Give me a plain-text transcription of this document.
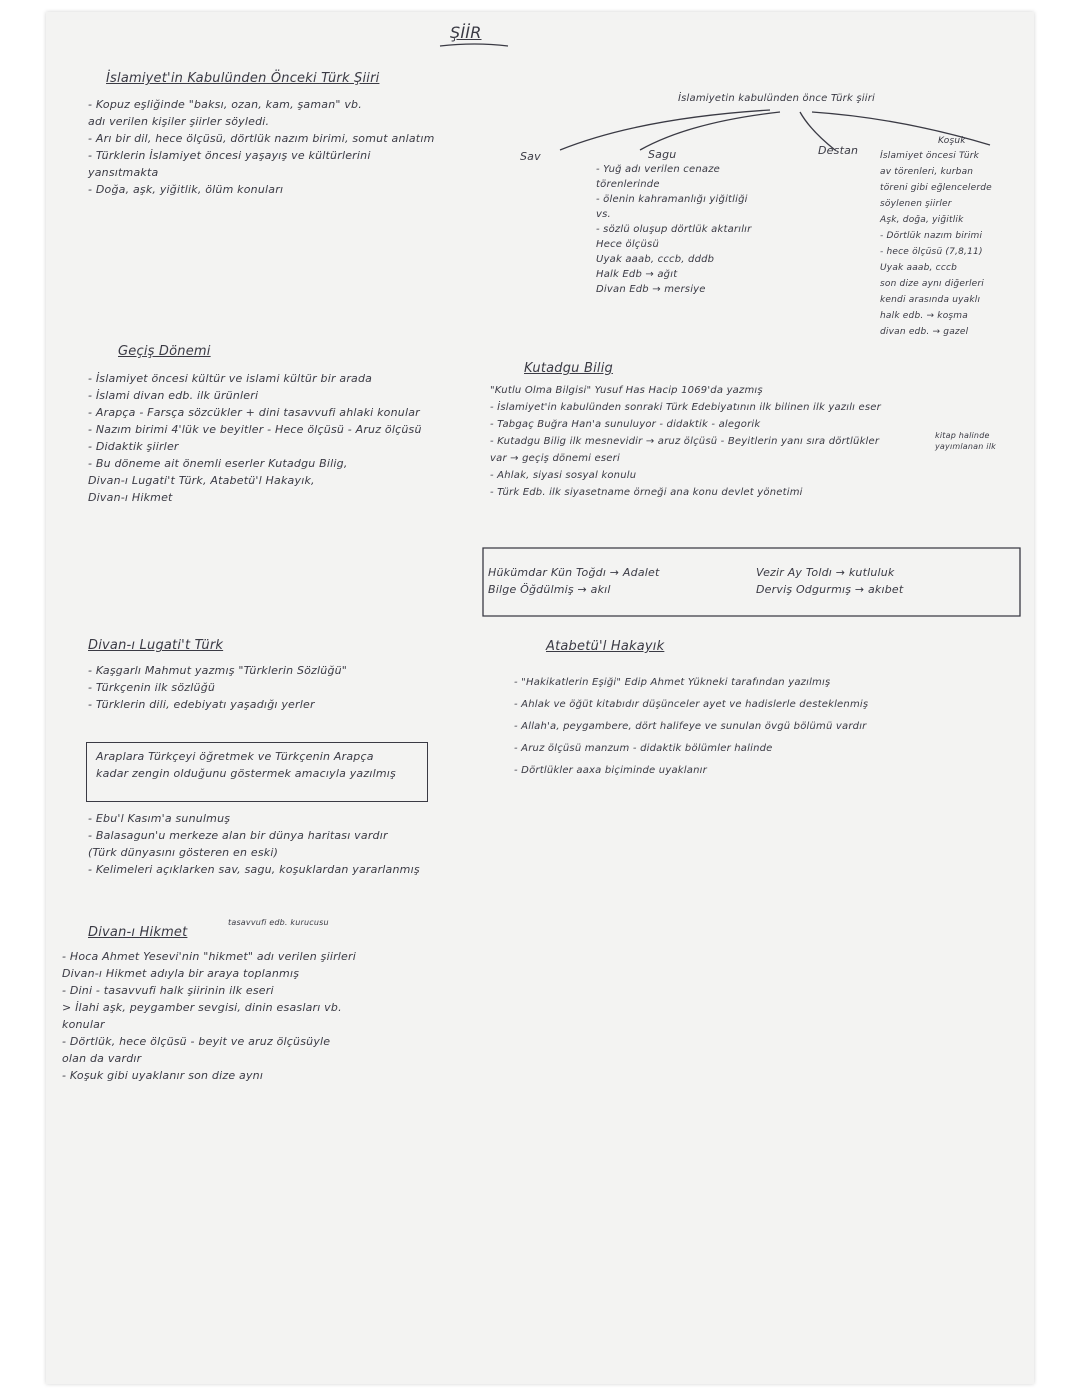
ŞİİR
İslamiyet'in Kabulünden Önceki Türk Şiiri
- Kopuz eşliğinde "baksı, ozan, kam, şaman" vb.
adı verilen kişiler şiirler söyledi.
- Arı bir dil, hece ölçüsü, dörtlük nazım birimi, somut anlatım
- Türklerin İslamiyet öncesi yaşayış ve kültürlerini
yansıtmakta
- Doğa, aşk, yiğitlik, ölüm konuları
Geçiş Dönemi
- İslamiyet öncesi kültür ve islami kültür bir arada
- İslami divan edb. ilk ürünleri
- Arapça - Farsça sözcükler + dini tasavvufi ahlaki konular
- Nazım birimi 4'lük ve beyitler - Hece ölçüsü - Aruz ölçüsü
- Didaktik şiirler
- Bu döneme ait önemli eserler Kutadgu Bilig,
Divan-ı Lugati't Türk, Atabetü'l Hakayık,
Divan-ı Hikmet
Divan-ı Lugati't Türk
- Kaşgarlı Mahmut yazmış "Türklerin Sözlüğü"
- Türkçenin ilk sözlüğü
- Türklerin dili, edebiyatı yaşadığı yerler
Araplara Türkçeyi öğretmek ve Türkçenin Arapça
kadar zengin olduğunu göstermek amacıyla yazılmış
- Ebu'l Kasım'a sunulmuş
- Balasagun'u merkeze alan bir dünya haritası vardır
(Türk dünyasını gösteren en eski)
- Kelimeleri açıklarken sav, sagu, koşuklardan yararlanmış
Divan-ı Hikmet
tasavvufi edb. kurucusu
- Hoca Ahmet Yesevi'nin "hikmet" adı verilen şiirleri
Divan-ı Hikmet adıyla bir araya toplanmış
- Dini - tasavvufi halk şiirinin ilk eseri
> İlahi aşk, peygamber sevgisi, dinin esasları vb.
konular
- Dörtlük, hece ölçüsü - beyit ve aruz ölçüsüyle
olan da vardır
- Koşuk gibi uyaklanır son dize aynı
İslamiyetin kabulünden önce Türk şiiri
Sav	Sagu
- Yuğ adı verilen cenaze
törenlerinde
- ölenin kahramanlığı yiğitliği
vs.
- sözlü oluşup dörtlük aktarılır
Hece ölçüsü
Uyak aaab, cccb, dddb
Halk Edb → ağıt
Divan Edb → mersiye
Destan
Koşuk
İslamiyet öncesi Türk
av törenleri, kurban
töreni gibi eğlencelerde
söylenen şiirler
Aşk, doğa, yiğitlik
- Dörtlük nazım birimi
- hece ölçüsü (7,8,11)
Uyak aaab, cccb
son dize aynı diğerleri
kendi arasında uyaklı
halk edb. → koşma
divan edb. → gazel
Kutadgu Bilig
"Kutlu Olma Bilgisi" Yusuf Has Hacip 1069'da yazmış
- İslamiyet'in kabulünden sonraki Türk Edebiyatının ilk bilinen ilk yazılı eser
- Tabgaç Buğra Han'a sunuluyor - didaktik - alegorik
- Kutadgu Bilig ilk mesnevidir → aruz ölçüsü - Beyitlerin yanı sıra dörtlükler
var → geçiş dönemi eseri
- Ahlak, siyasi sosyal konulu
- Türk Edb. ilk siyasetname örneği ana konu devlet yönetimi
kitap halinde
yayımlanan ilk
Hükümdar Kün Toğdı → Adalet
Bilge Öğdülmiş → akıl
Vezir Ay Toldı → kutluluk
Derviş Odgurmış → akıbet
Atabetü'l Hakayık
- "Hakikatlerin Eşiği" Edip Ahmet Yükneki tarafından yazılmış
- Ahlak ve öğüt kitabıdır düşünceler ayet ve hadislerle desteklenmiş
- Allah'a, peygambere, dört halifeye ve sunulan övgü bölümü vardır
- Aruz ölçüsü manzum - didaktik bölümler halinde
- Dörtlükler aaxa biçiminde uyaklanır
